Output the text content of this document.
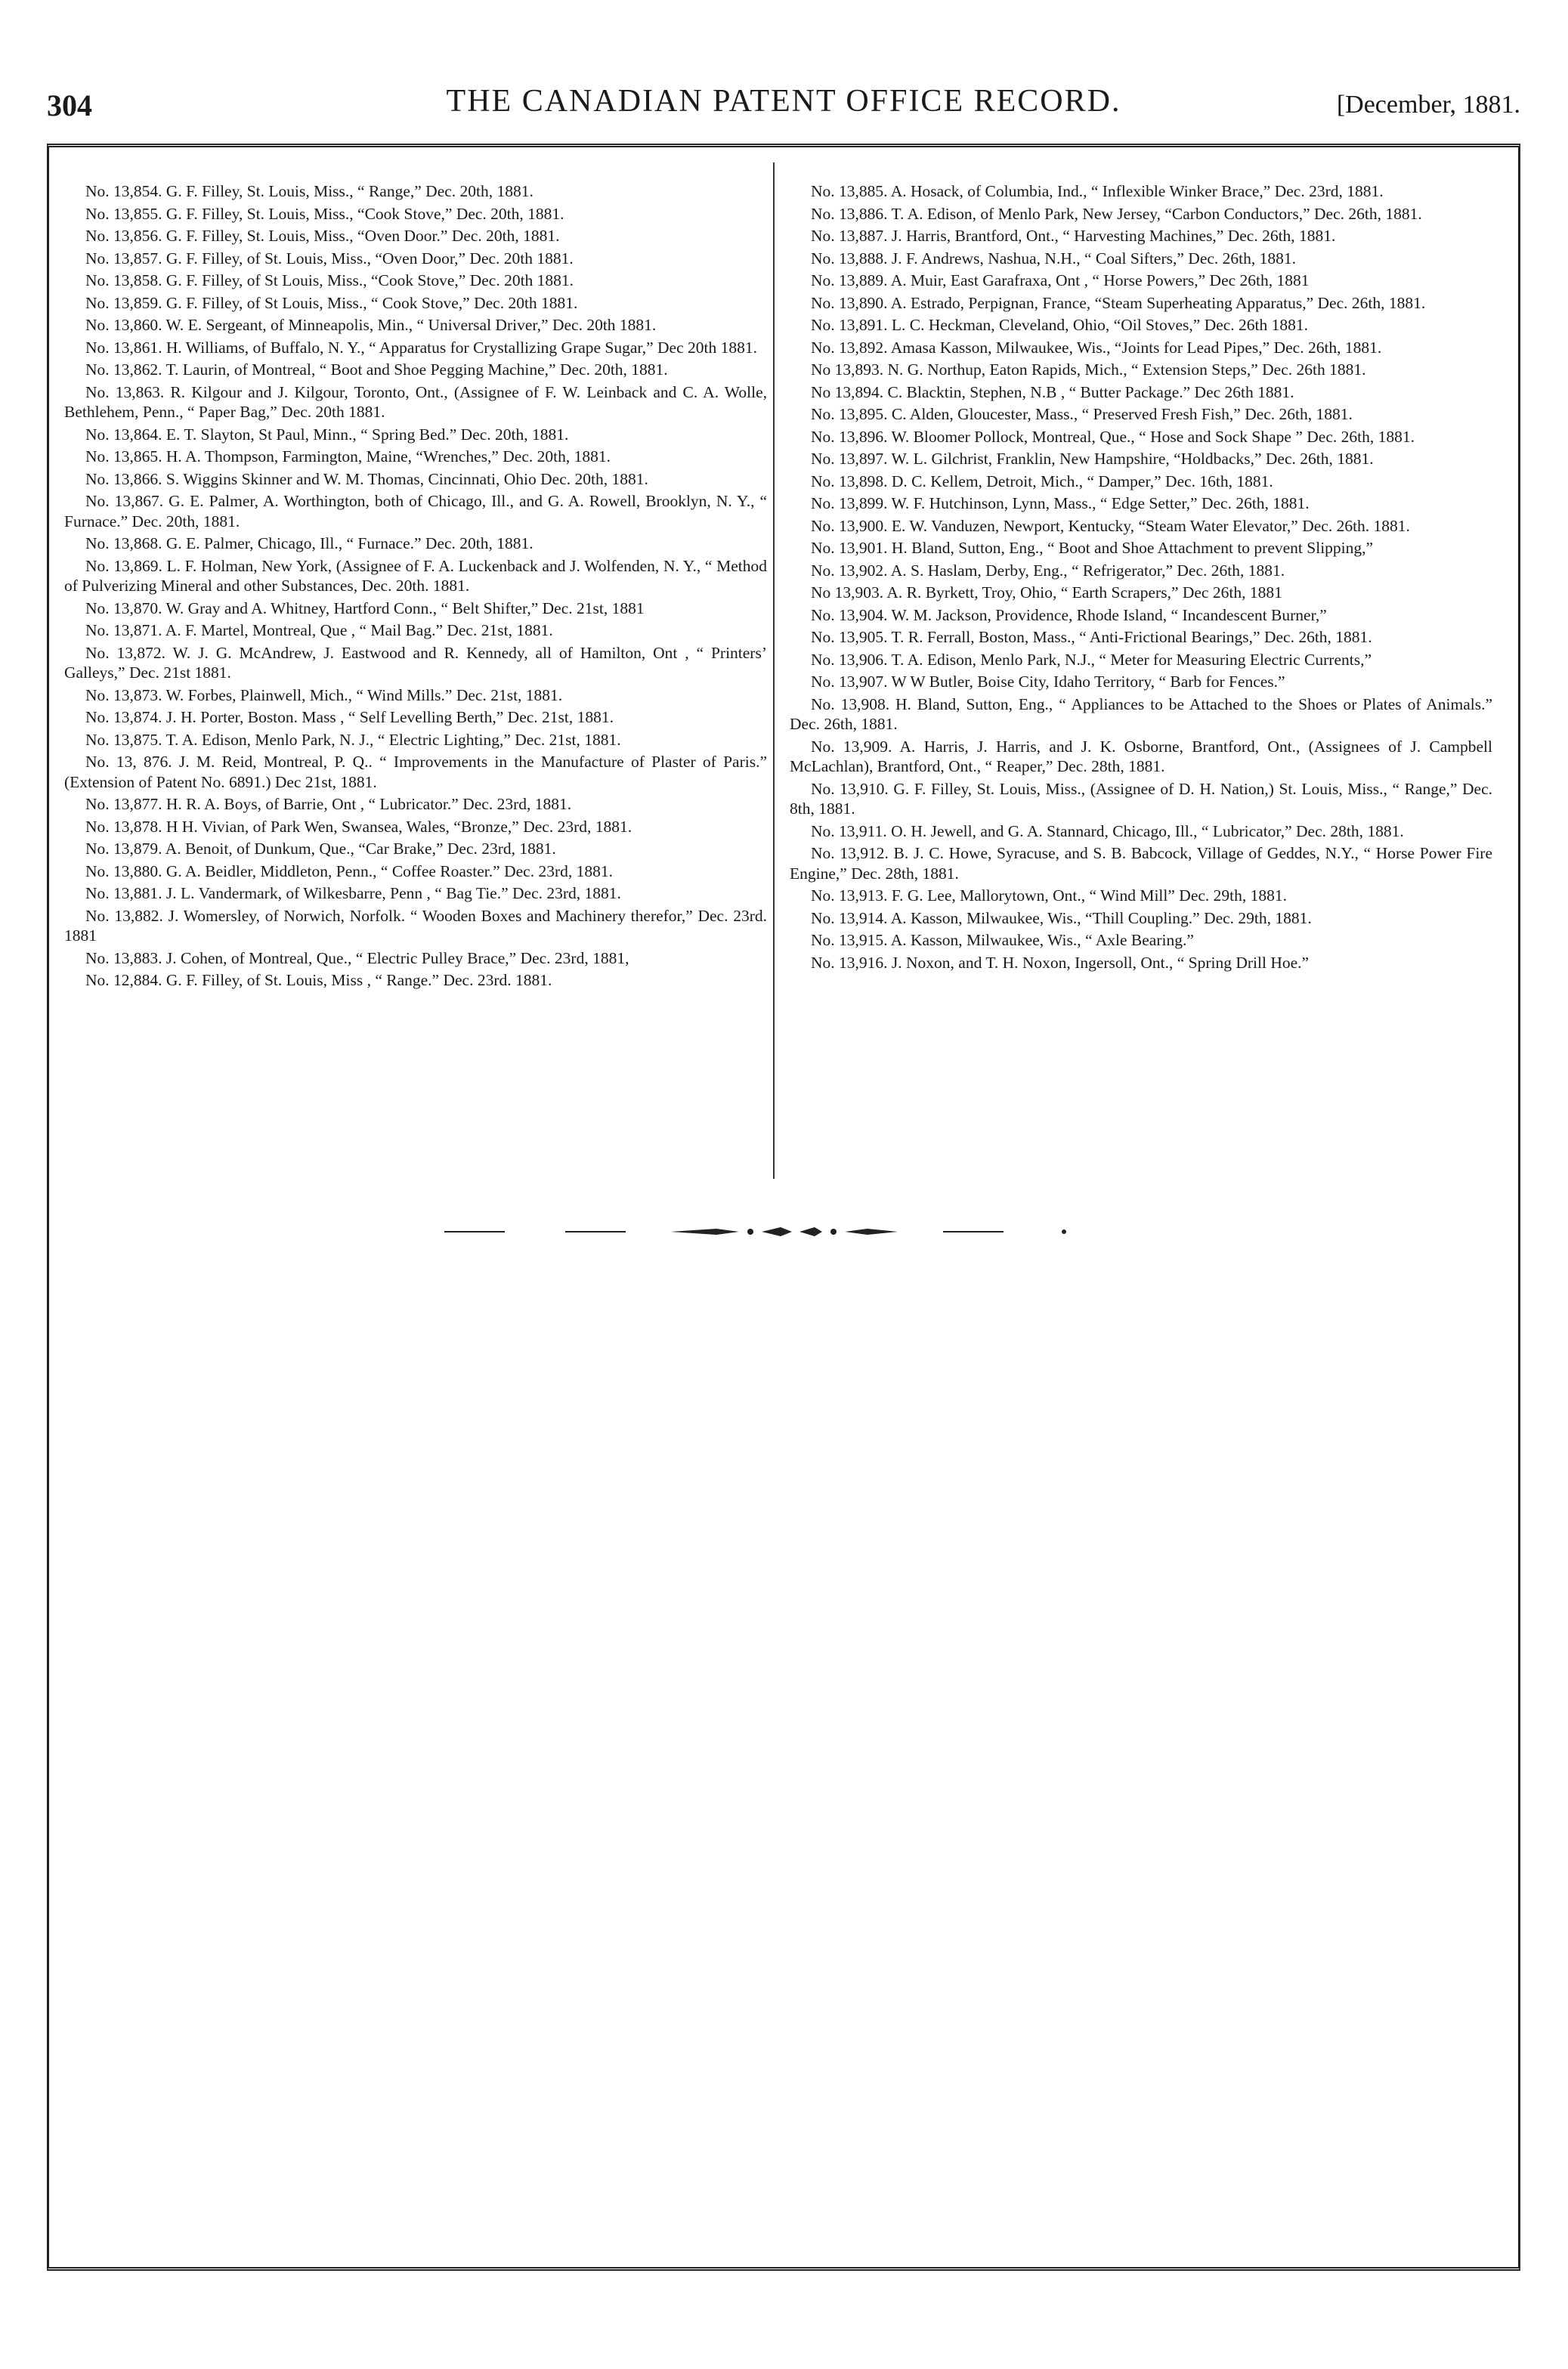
304	THE CANADIAN PATENT OFFICE RECORD.	[December, 1881.

No. 13,854. G. F. Filley, St. Louis, Miss., “ Range,” Dec. 20th, 1881.

No. 13,855. G. F. Filley, St. Louis, Miss., “Cook Stove,” Dec. 20th, 1881.

No. 13,856. G. F. Filley, St. Louis, Miss., “Oven Door.” Dec. 20th, 1881.

No. 13,857. G. F. Filley, of St. Louis, Miss., “Oven Door,” Dec. 20th 1881.

No. 13,858. G. F. Filley, of St Louis, Miss., “Cook Stove,” Dec. 20th 1881.

No. 13,859. G. F. Filley, of St Louis, Miss., “ Cook Stove,” Dec. 20th 1881.

No. 13,860. W. E. Sergeant, of Minneapolis, Min., “ Universal Driver,” Dec. 20th 1881.

No. 13,861. H. Williams, of Buffalo, N. Y., “ Apparatus for Crystallizing Grape Sugar,” Dec 20th 1881.

No. 13,862. T. Laurin, of Montreal, “ Boot and Shoe Pegging Machine,” Dec. 20th, 1881.

No. 13,863. R. Kilgour and J. Kilgour, Toronto, Ont., (Assignee of F. W. Leinback and C. A. Wolle, Bethlehem, Penn., “ Paper Bag,” Dec. 20th 1881.

No. 13,864. E. T. Slayton, St Paul, Minn., “ Spring Bed.” Dec. 20th, 1881.

No. 13,865. H. A. Thompson, Farmington, Maine, “Wrenches,” Dec. 20th, 1881.

No. 13,866. S. Wiggins Skinner and W. M. Thomas, Cincinnati, Ohio Dec. 20th, 1881.

No. 13,867. G. E. Palmer, A. Worthington, both of Chicago, Ill., and G. A. Rowell, Brooklyn, N. Y., “ Furnace.” Dec. 20th, 1881.

No. 13,868. G. E. Palmer, Chicago, Ill., “ Furnace.” Dec. 20th, 1881.

No. 13,869. L. F. Holman, New York, (Assignee of F. A. Luckenback and J. Wolfenden, N. Y., “ Method of Pulverizing Mineral and other Substances, Dec. 20th. 1881.

No. 13,870. W. Gray and A. Whitney, Hartford Conn., “ Belt Shifter,” Dec. 21st, 1881

No. 13,871. A. F. Martel, Montreal, Que , “ Mail Bag.” Dec. 21st, 1881.

No. 13,872. W. J. G. McAndrew, J. Eastwood and R. Kennedy, all of Hamilton, Ont , “ Printers’ Galleys,” Dec. 21st 1881.

No. 13,873. W. Forbes, Plainwell, Mich., “ Wind Mills.” Dec. 21st, 1881.

No. 13,874. J. H. Porter, Boston. Mass , “ Self Levelling Berth,” Dec. 21st, 1881.

No. 13,875. T. A. Edison, Menlo Park, N. J., “ Electric Lighting,” Dec. 21st, 1881.

No. 13, 876. J. M. Reid, Montreal, P. Q.. “ Improvements in the Manufacture of Plaster of Paris.” (Extension of Patent No. 6891.) Dec 21st, 1881.

No. 13,877. H. R. A. Boys, of Barrie, Ont , “ Lubricator.” Dec. 23rd, 1881.

No. 13,878. H H. Vivian, of Park Wen, Swansea, Wales, “Bronze,” Dec. 23rd, 1881.

No. 13,879. A. Benoit, of Dunkum, Que., “Car Brake,” Dec. 23rd, 1881.

No. 13,880. G. A. Beidler, Middleton, Penn., “ Coffee Roaster.” Dec. 23rd, 1881.

No. 13,881. J. L. Vandermark, of Wilkesbarre, Penn , “ Bag Tie.” Dec. 23rd, 1881.

No. 13,882. J. Womersley, of Norwich, Norfolk. “ Wooden Boxes and Machinery therefor,” Dec. 23rd. 1881

No. 13,883. J. Cohen, of Montreal, Que., “ Electric Pulley Brace,” Dec. 23rd, 1881,

No. 12,884. G. F. Filley, of St. Louis, Miss , “ Range.” Dec. 23rd. 1881.

No. 13,885. A. Hosack, of Columbia, Ind., “ Inflexible Winker Brace,” Dec. 23rd, 1881.

No. 13,886. T. A. Edison, of Menlo Park, New Jersey, “Carbon Conductors,” Dec. 26th, 1881.

No. 13,887. J. Harris, Brantford, Ont., “ Harvesting Machines,” Dec. 26th, 1881.

No. 13,888. J. F. Andrews, Nashua, N.H., “ Coal Sifters,” Dec. 26th, 1881.

No. 13,889. A. Muir, East Garafraxa, Ont , “ Horse Powers,” Dec 26th, 1881

No. 13,890. A. Estrado, Perpignan, France, “Steam Superheating Apparatus,” Dec. 26th, 1881.

No. 13,891. L. C. Heckman, Cleveland, Ohio, “Oil Stoves,” Dec. 26th 1881.

No. 13,892. Amasa Kasson, Milwaukee, Wis., “Joints for Lead Pipes,” Dec. 26th, 1881.

No 13,893. N. G. Northup, Eaton Rapids, Mich., “ Extension Steps,” Dec. 26th 1881.

No 13,894. C. Blacktin, Stephen, N.B , “ Butter Package.” Dec 26th 1881.

No. 13,895. C. Alden, Gloucester, Mass., “ Preserved Fresh Fish,” Dec. 26th, 1881.

No. 13,896. W. Bloomer Pollock, Montreal, Que., “ Hose and Sock Shape ” Dec. 26th, 1881.

No. 13,897. W. L. Gilchrist, Franklin, New Hampshire, “Holdbacks,” Dec. 26th, 1881.

No. 13,898. D. C. Kellem, Detroit, Mich., “ Damper,” Dec. 16th, 1881.

No. 13,899. W. F. Hutchinson, Lynn, Mass., “ Edge Setter,” Dec. 26th, 1881.

No. 13,900. E. W. Vanduzen, Newport, Kentucky, “Steam Water Elevator,” Dec. 26th. 1881.

No. 13,901. H. Bland, Sutton, Eng., “ Boot and Shoe Attachment to prevent Slipping,”

No. 13,902. A. S. Haslam, Derby, Eng., “ Refrigerator,” Dec. 26th, 1881.

No 13,903. A. R. Byrkett, Troy, Ohio, “ Earth Scrapers,” Dec 26th, 1881

No. 13,904. W. M. Jackson, Providence, Rhode Island, “ Incandescent Burner,”

No. 13,905. T. R. Ferrall, Boston, Mass., “ Anti-Frictional Bearings,” Dec. 26th, 1881.

No. 13,906. T. A. Edison, Menlo Park, N.J., “ Meter for Measuring Electric Currents,”

No. 13,907. W W Butler, Boise City, Idaho Territory, “ Barb for Fences.”

No. 13,908. H. Bland, Sutton, Eng., “ Appliances to be Attached to the Shoes or Plates of Animals.” Dec. 26th, 1881.

No. 13,909. A. Harris, J. Harris, and J. K. Osborne, Brantford, Ont., (Assignees of J. Campbell McLachlan), Brantford, Ont., “ Reaper,” Dec. 28th, 1881.

No. 13,910. G. F. Filley, St. Louis, Miss., (Assignee of D. H. Nation,) St. Louis, Miss., “ Range,” Dec. 8th, 1881.

No. 13,911. O. H. Jewell, and G. A. Stannard, Chicago, Ill., “ Lubricator,” Dec. 28th, 1881.

No. 13,912. B. J. C. Howe, Syracuse, and S. B. Babcock, Village of Geddes, N.Y., “ Horse Power Fire Engine,” Dec. 28th, 1881.

No. 13,913. F. G. Lee, Mallorytown, Ont., “ Wind Mill” Dec. 29th, 1881.

No. 13,914. A. Kasson, Milwaukee, Wis., “Thill Coupling.” Dec. 29th, 1881.

No. 13,915. A. Kasson, Milwaukee, Wis., “ Axle Bearing.”

No. 13,916. J. Noxon, and T. H. Noxon, Ingersoll, Ont., “ Spring Drill Hoe.”
